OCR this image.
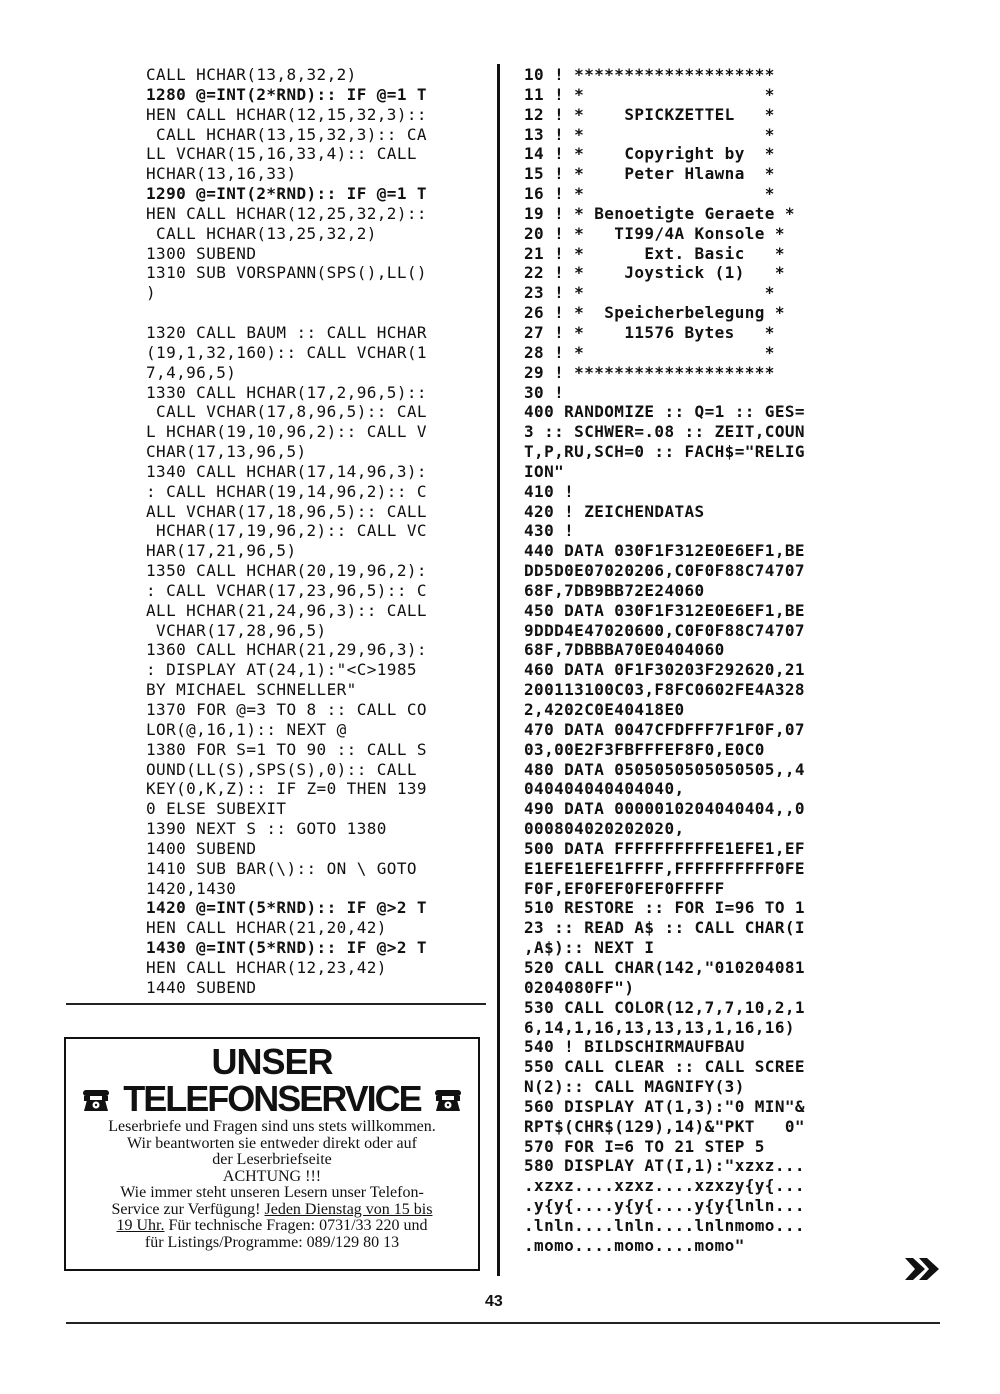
CALL HCHAR(13,8,32,2)
1280 @=INT(2*RND):: IF @=1 T
HEN CALL HCHAR(12,15,32,3)::
CALL HCHAR(13,15,32,3):: CA
LL VCHAR(15,16,33,4):: CALL
HCHAR(13,16,33)
1290 @=INT(2*RND):: IF @=1 T
HEN CALL HCHAR(12,25,32,2)::
CALL HCHAR(13,25,32,2)
1300 SUBEND
1310 SUB VORSPANN(SPS(),LL()
)
1320 CALL BAUM :: CALL HCHAR
(19,1,32,160):: CALL VCHAR(1
7,4,96,5)
1330 CALL HCHAR(17,2,96,5)::
CALL VCHAR(17,8,96,5):: CAL
L HCHAR(19,10,96,2):: CALL V
CHAR(17,13,96,5)
1340 CALL HCHAR(17,14,96,3):
: CALL HCHAR(19,14,96,2):: C
ALL VCHAR(17,18,96,5):: CALL
HCHAR(17,19,96,2):: CALL VC
HAR(17,21,96,5)
1350 CALL HCHAR(20,19,96,2):
: CALL VCHAR(17,23,96,5):: C
ALL HCHAR(21,24,96,3):: CALL
VCHAR(17,28,96,5)
1360 CALL HCHAR(21,29,96,3):
: DISPLAY AT(24,1):"<C>1985
BY MICHAEL SCHNELLER"
1370 FOR @=3 TO 8 :: CALL CO
LOR(@,16,1):: NEXT @
1380 FOR S=1 TO 90 :: CALL S
OUND(LL(S),SPS(S),0):: CALL
KEY(0,K,Z):: IF Z=0 THEN 139
0 ELSE SUBEXIT
1390 NEXT S :: GOTO 1380
1400 SUBEND
1410 SUB BAR(\):: ON \ GOTO
1420,1430
1420 @=INT(5*RND):: IF @>2 T
HEN CALL HCHAR(21,20,42)
1430 @=INT(5*RND):: IF @>2 T
HEN CALL HCHAR(12,23,42)
1440 SUBEND
10 ! ********************
11 ! *                  *
12 ! *    SPICKZETTEL   *
13 ! *                  *
14 ! *    Copyright by  *
15 ! *    Peter Hlawna  *
16 ! *                  *
19 ! * Benoetigte Geraete *
20 ! *   TI99/4A Konsole *
21 ! *      Ext. Basic   *
22 ! *    Joystick (1)   *
23 ! *                  *
26 ! *  Speicherbelegung *
27 ! *    11576 Bytes   *
28 ! *                  *
29 ! ********************
30 !
400 RANDOMIZE :: Q=1 :: GES=
3 :: SCHWER=.08 :: ZEIT,COUN
T,P,RU,SCH=0 :: FACH$="RELIG
ION"
410 !
420 ! ZEICHENDATAS
430 !
440 DATA 030F1F312E0E6EF1,BE
DD5D0E07020206,C0F0F88C74707
68F,7DB9BB72E24060
450 DATA 030F1F312E0E6EF1,BE
9DDD4E47020600,C0F0F88C74707
68F,7DBBBA70E0404060
460 DATA 0F1F30203F292620,21
200113100C03,F8FC0602FE4A328
2,4202C0E40418E0
470 DATA 0047CFDFFF7F1F0F,07
03,00E2F3FBFFFEF8F0,E0C0
480 DATA 0505050505050505,,4
040404040404040,
490 DATA 0000010204040404,,0
000804020202020,
500 DATA FFFFFFFFFFE1EFE1,EF
E1EFE1EFE1FFFF,FFFFFFFFFF0FE
F0F,EF0FEF0FEF0FFFFF
510 RESTORE :: FOR I=96 TO 1
23 :: READ A$ :: CALL CHAR(I
,A$):: NEXT I
520 CALL CHAR(142,"010204081
0204080FF")
530 CALL COLOR(12,7,7,10,2,1
6,14,1,16,13,13,13,1,16,16)
540 ! BILDSCHIRMAUFBAU
550 CALL CLEAR :: CALL SCREE
N(2):: CALL MAGNIFY(3)
560 DISPLAY AT(1,3):"0 MIN"&
RPT$(CHR$(129),14)&"PKT   0"
570 FOR I=6 TO 21 STEP 5
580 DISPLAY AT(I,1):"xzxz...
.xzxz....xzxz....xzxzy{y{...
.y{y{....y{y{....y{y{lnln...
.lnln....lnln....lnlnmomo...
.momo....momo....momo"
UNSER
TELEFONSERVICE
Leserbriefe und Fragen sind uns stets willkommen.
Wir beantworten sie entweder direkt oder auf
der Leserbriefseite
ACHTUNG !!!
Wie immer steht unseren Lesern unser Telefon-
Service zur Verfügung! Jeden Dienstag von 15 bis
19 Uhr. Für technische Fragen: 0731/33 220 und
für Listings/Programme: 089/129 80 13
43
